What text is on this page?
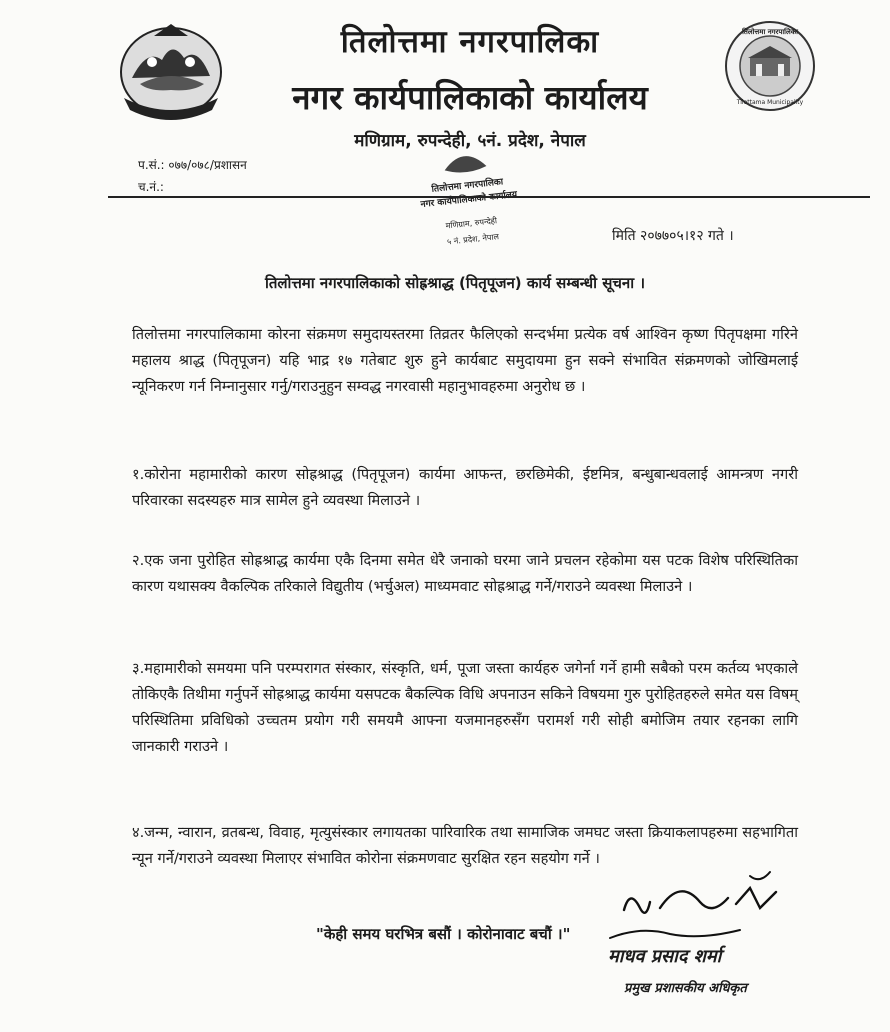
तिलोत्तमा नगरपालिका
नगर कार्यपालिकाको कार्यालय
मणिग्राम, रुपन्देही, ५नं. प्रदेश, नेपाल
तिलोत्तमा नगरपालिका
Tilottama Municipality
प.सं.: ०७७/०७८/प्रशासन
च.नं.:	तिलोत्तमा नगरपालिका
नगर कार्यपालिकाको कार्यालय
मणिग्राम, रुपन्देही
५ नं. प्रदेश, नेपाल	मिति २०७७०५।१२ गते ।
तिलोत्तमा नगरपालिकाको सोह्रश्राद्ध (पितृपूजन) कार्य सम्बन्धी सूचना ।

तिलोत्तमा नगरपालिकामा कोरना संक्रमण समुदायस्तरमा तिव्रतर फैलिएको सन्दर्भमा प्रत्येक वर्ष आश्विन कृष्ण पितृपक्षमा गरिने महालय श्राद्ध (पितृपूजन) यहि भाद्र १७ गतेबाट शुरु हुने कार्यबाट समुदायमा हुन सक्ने संभावित संक्रमणको जोखिमलाई न्यूनिकरण गर्न निम्नानुसार गर्नु/गराउनुहुन सम्वद्ध नगरवासी महानुभावहरुमा अनुरोध छ ।

१.कोरोना महामारीको कारण सोह्रश्राद्ध (पितृपूजन) कार्यमा आफन्त, छरछिमेकी, ईष्टमित्र, बन्धुबान्धवलाई आमन्त्रण नगरी परिवारका सदस्यहरु मात्र सामेल हुने व्यवस्था मिलाउने ।

२.एक जना पुरोहित सोह्रश्राद्ध कार्यमा एकै दिनमा समेत धेरै जनाको घरमा जाने प्रचलन रहेकोमा यस पटक विशेष परिस्थितिका कारण यथासक्य वैकल्पिक तरिकाले विद्युतीय (भर्चुअल) माध्यमवाट सोह्रश्राद्ध गर्ने/गराउने व्यवस्था मिलाउने ।

३.महामारीको समयमा पनि परम्परागत संस्कार, संस्कृति, धर्म, पूजा जस्ता कार्यहरु जगेर्ना गर्ने हामी सबैको परम कर्तव्य भएकाले तोकिएकै तिथीमा गर्नुपर्ने सोह्रश्राद्ध कार्यमा यसपटक बैकल्पिक विधि अपनाउन सकिने विषयमा गुरु पुरोहितहरुले समेत यस विषम् परिस्थितिमा प्रविधिको उच्चतम प्रयोग गरी समयमै आफ्ना यजमानहरुसँग परामर्श गरी सोही बमोजिम तयार रहनका लागि जानकारी गराउने ।

४.जन्म, न्वारान, व्रतबन्ध, विवाह, मृत्युसंस्कार लगायतका पारिवारिक तथा सामाजिक जमघट जस्ता क्रियाकलापहरुमा सहभागिता न्यून गर्ने/गराउने व्यवस्था मिलाएर संभावित कोरोना संक्रमणवाट सुरक्षित रहन सहयोग गर्ने ।

"केही समय घरभित्र बसौं । कोरोनावाट बचौं ।"
माधव प्रसाद शर्मा
प्रमुख प्रशासकीय अधिकृत
